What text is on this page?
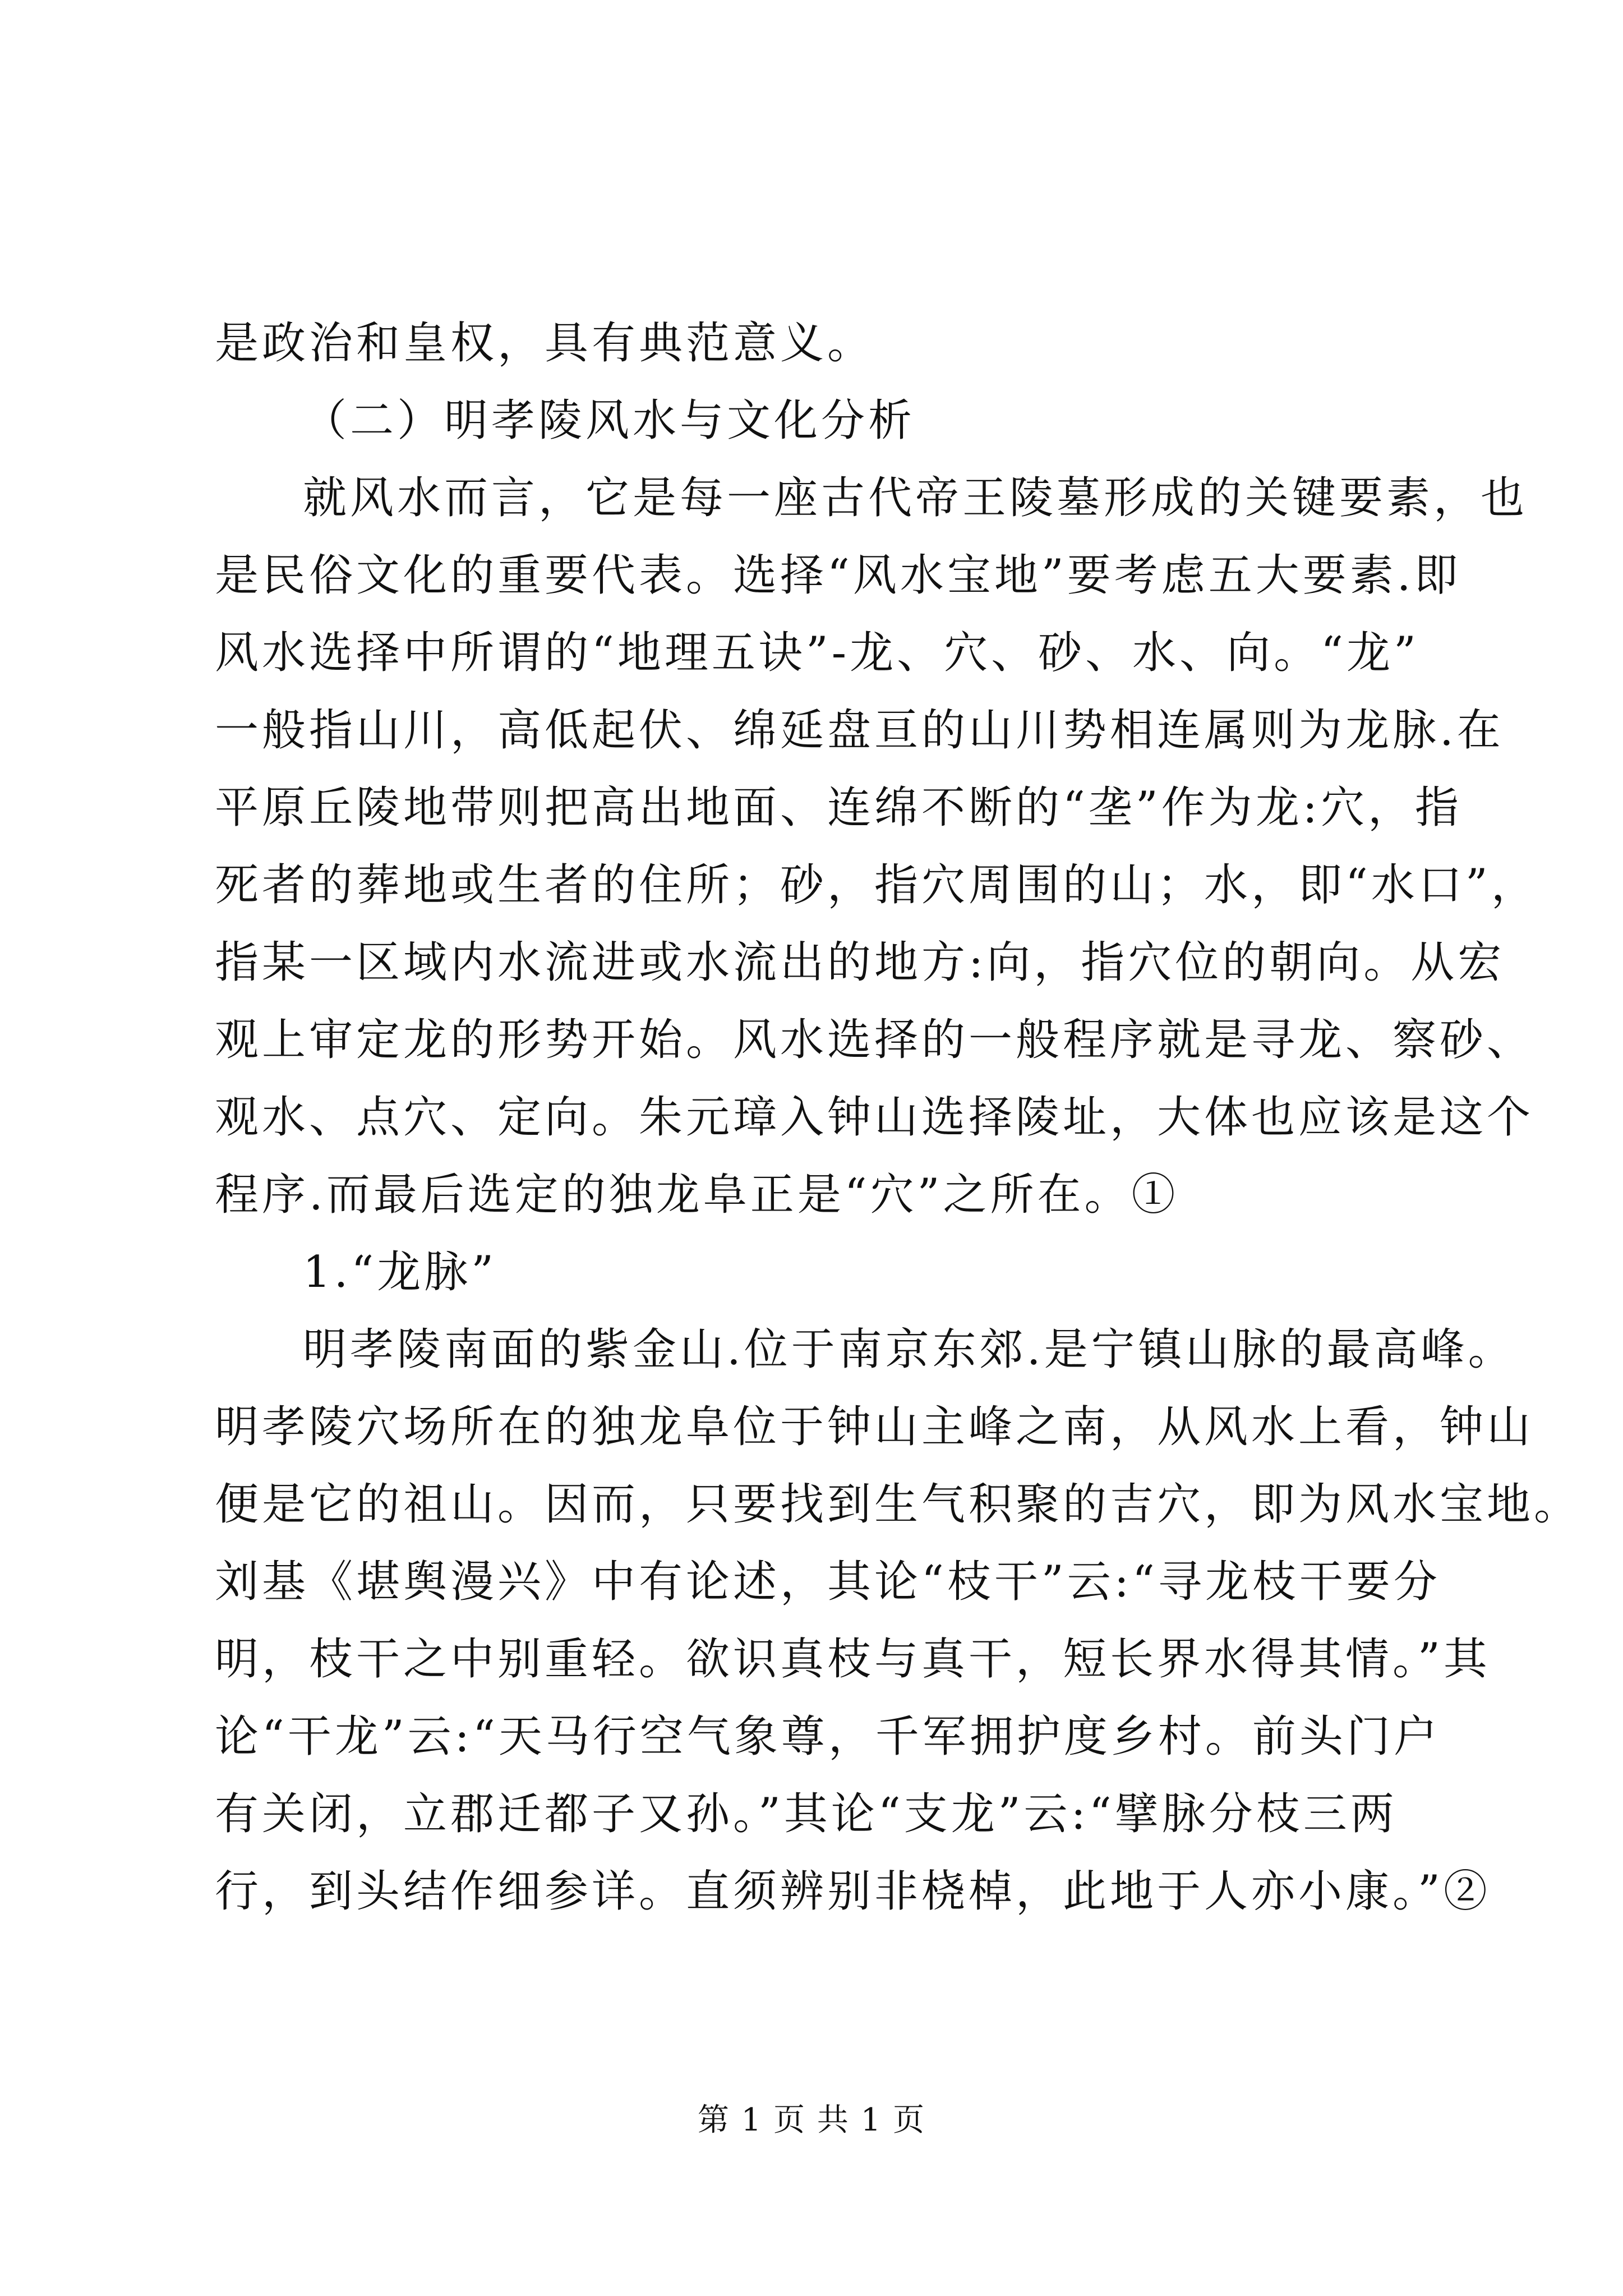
是政治和皇权，具有典范意义。
（二）明孝陵风水与文化分析
就风水而言，它是每一座古代帝王陵墓形成的关键要素，也
是民俗文化的重要代表。选择“风水宝地”要考虑五大要素.即
风水选择中所谓的“地理五诀”-龙、穴、砂、水、向。“龙”
一般指山川，高低起伏、绵延盘亘的山川势相连属则为龙脉.在
平原丘陵地带则把高出地面、连绵不断的“垄”作为龙:穴，指
死者的葬地或生者的住所；砂，指穴周围的山；水，即“水口”，
指某一区域内水流进或水流出的地方:向，指穴位的朝向。从宏
观上审定龙的形势开始。风水选择的一般程序就是寻龙、察砂、
观水、点穴、定向。朱元璋入钟山选择陵址，大体也应该是这个
程序.而最后选定的独龙阜正是“穴”之所在。①
1.“龙脉”
明孝陵南面的紫金山.位于南京东郊.是宁镇山脉的最高峰。
明孝陵穴场所在的独龙阜位于钟山主峰之南，从风水上看，钟山
便是它的祖山。因而，只要找到生气积聚的吉穴，即为风水宝地。
刘基《堪舆漫兴》中有论述，其论“枝干”云:“寻龙枝干要分
明，枝干之中别重轻。欲识真枝与真干，短长界水得其情。”其
论“干龙”云:“天马行空气象尊，千军拥护度乡村。前头门户
有关闭，立郡迁都子又孙。”其论“支龙”云:“擘脉分枝三两
行，到头结作细参详。直须辨别非桡棹，此地于人亦小康。”②
第 1 页 共 1 页
